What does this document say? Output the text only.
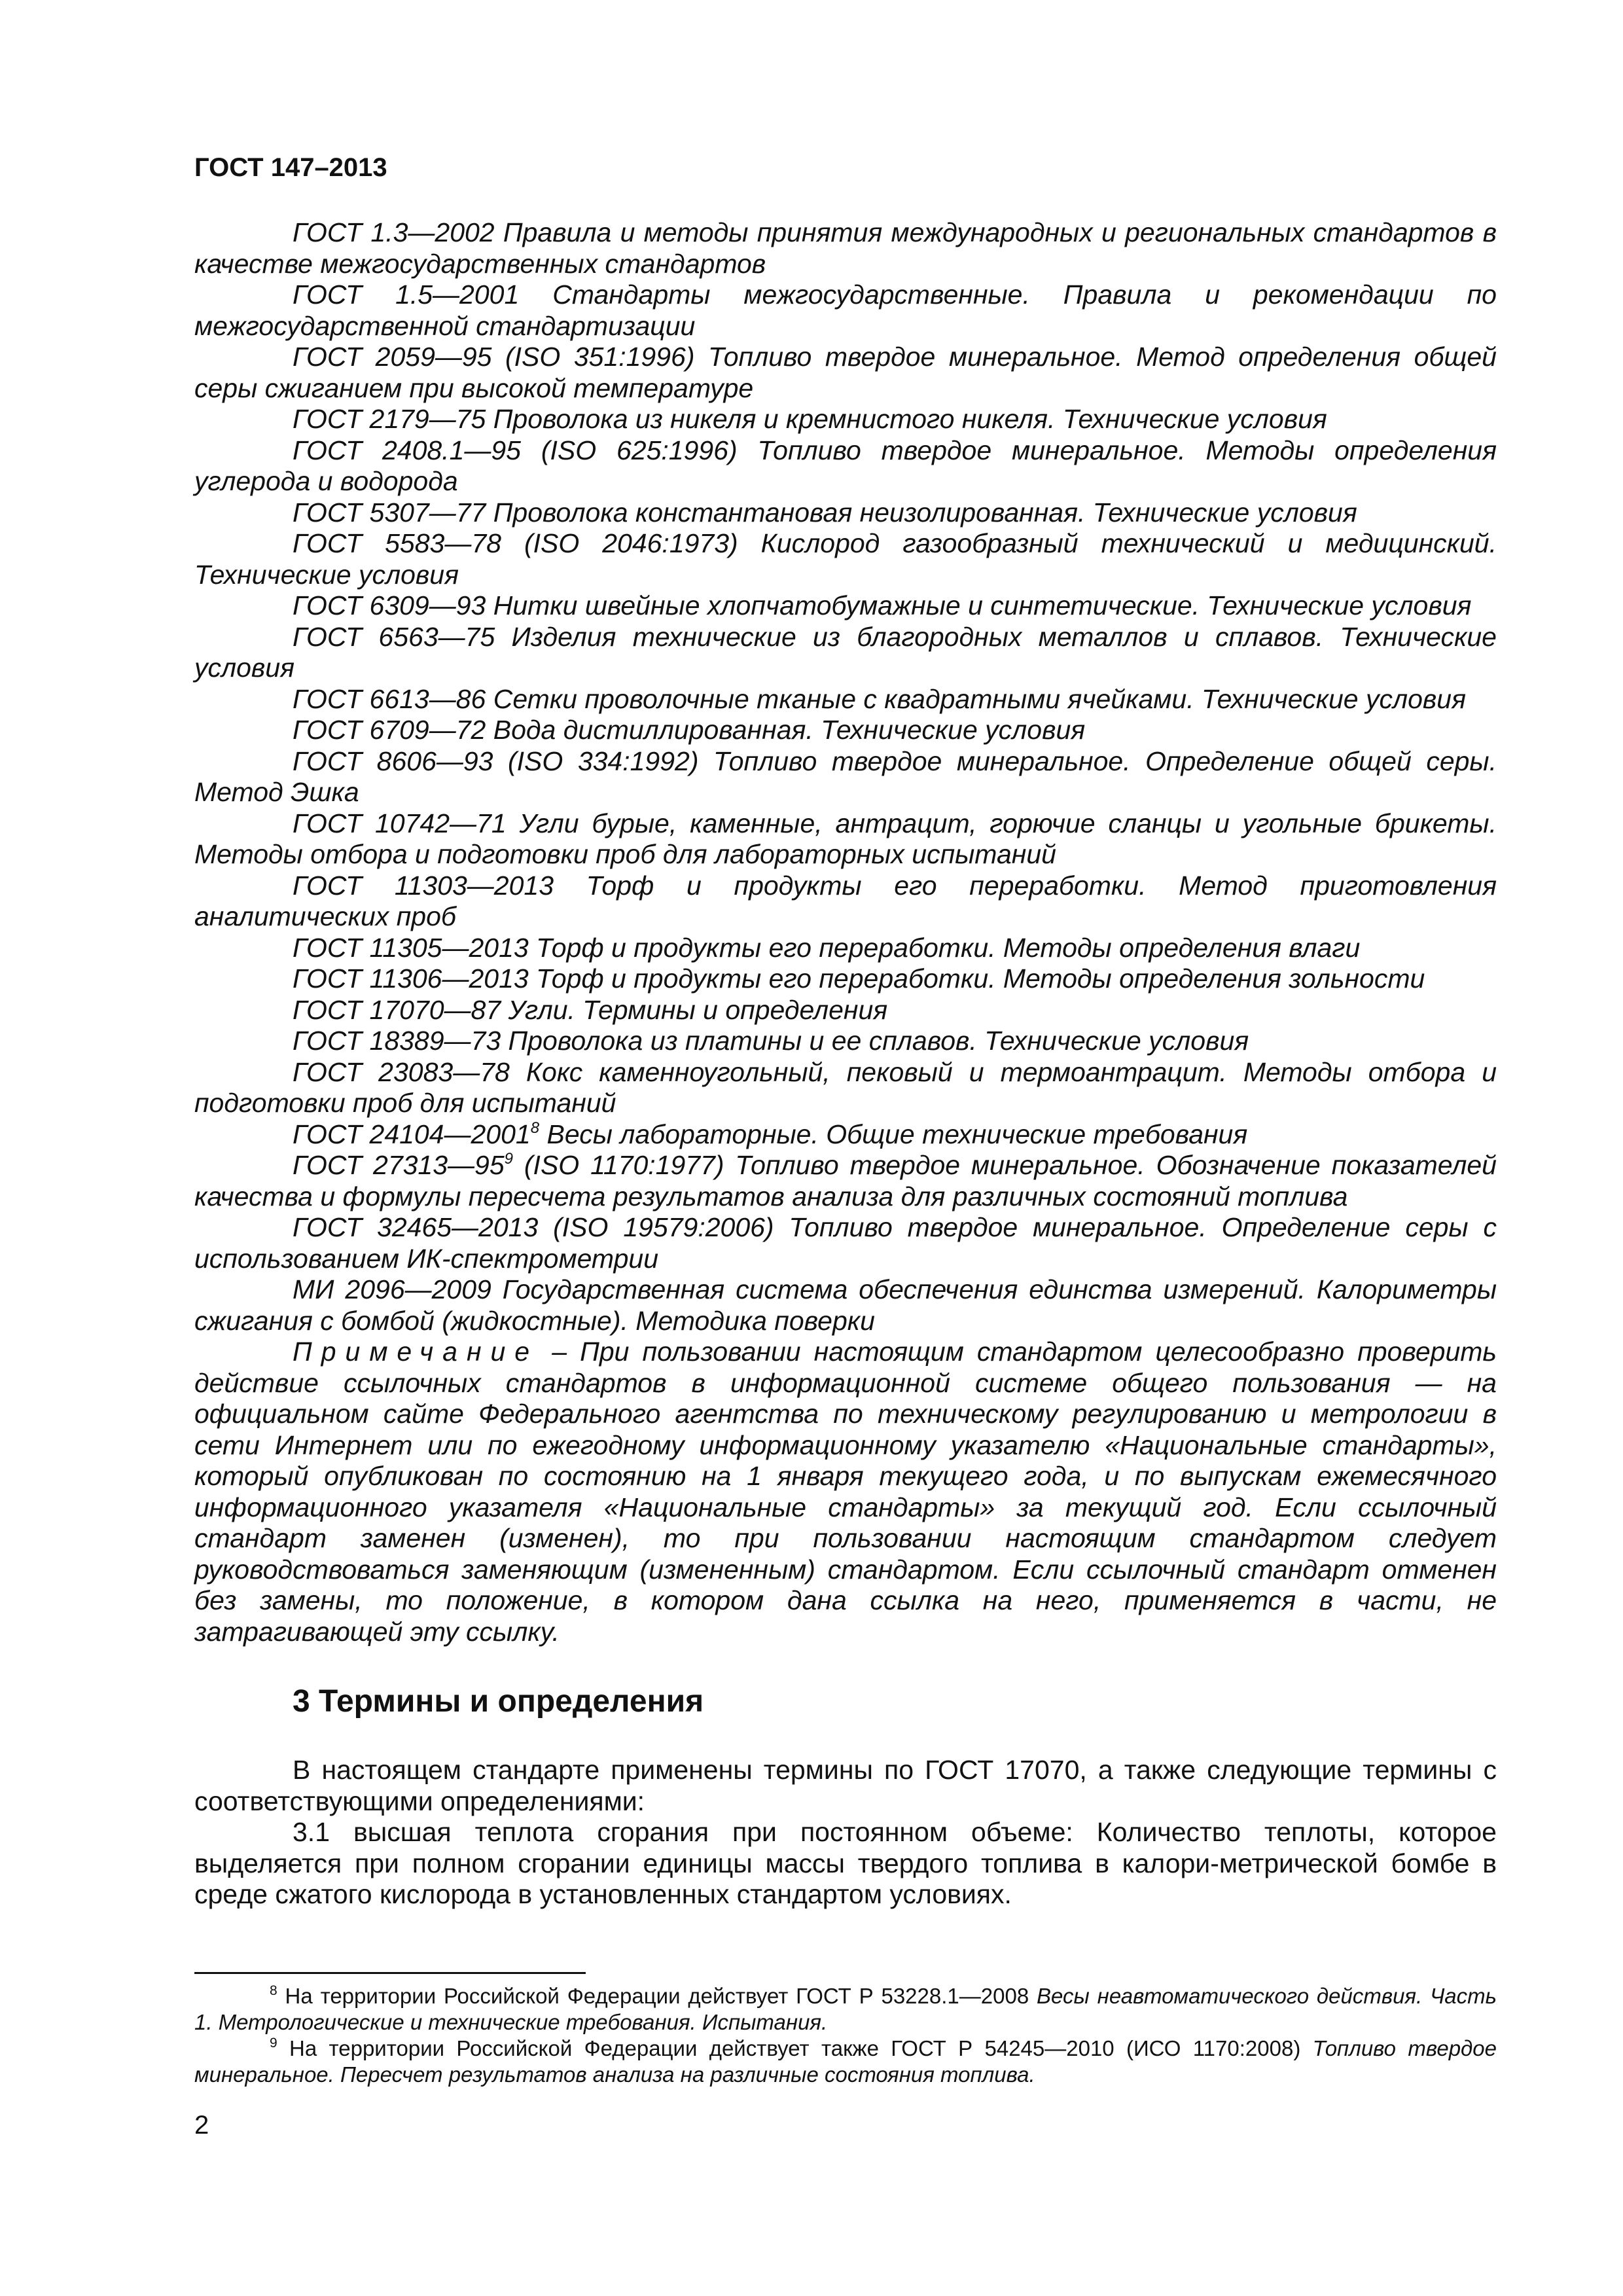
ГОСТ 147–2013

ГОСТ 1.3—2002 Правила и методы принятия международных и региональных стандартов в качестве межгосударственных стандартов

ГОСТ 1.5—2001 Стандарты межгосударственные. Правила и рекомендации по межгосударственной стандартизации

ГОСТ 2059—95 (ISO 351:1996) Топливо твердое минеральное. Метод определения общей серы сжиганием при высокой температуре

ГОСТ 2179—75 Проволока из никеля и кремнистого никеля. Технические условия

ГОСТ 2408.1—95 (ISO 625:1996) Топливо твердое минеральное. Методы определения углерода и водорода

ГОСТ 5307—77 Проволока константановая неизолированная. Технические условия

ГОСТ 5583—78 (ISO 2046:1973) Кислород газообразный технический и медицинский. Технические условия

ГОСТ 6309—93 Нитки швейные хлопчатобумажные и синтетические. Технические условия

ГОСТ 6563—75 Изделия технические из благородных металлов и сплавов. Технические условия

ГОСТ 6613—86 Сетки проволочные тканые с квадратными ячейками. Технические условия

ГОСТ 6709—72 Вода дистиллированная. Технические условия

ГОСТ 8606—93 (ISO 334:1992) Топливо твердое минеральное. Определение общей серы. Метод Эшка

ГОСТ 10742—71 Угли бурые, каменные, антрацит, горючие сланцы и угольные брикеты. Методы отбора и подготовки проб для лабораторных испытаний

ГОСТ 11303—2013 Торф и продукты его переработки. Метод приготовления аналитических проб

ГОСТ 11305—2013 Торф и продукты его переработки. Методы определения влаги

ГОСТ 11306—2013 Торф и продукты его переработки. Методы определения зольности

ГОСТ 17070—87 Угли. Термины и определения

ГОСТ 18389—73 Проволока из платины и ее сплавов. Технические условия

ГОСТ 23083—78 Кокс каменноугольный, пековый и термоантрацит. Методы отбора и подготовки проб для испытаний

ГОСТ 24104—2001$^8$ Весы лабораторные. Общие технические требования

ГОСТ $27313—95^9$ (ISO 1170:1977) Топливо твердое минеральное. Обозначение показателей качества и формулы пересчета результатов анализа для различных состояний топлива

ГОСТ 32465—2013 (ISO 19579:2006) Топливо твердое минеральное. Определение серы с использованием ИК-спектрометрии

МИ 2096—2009 Государственная система обеспечения единства измерений. Калориметры сжигания с бомбой (жидкостные). Методика поверки

Примечание – При пользовании настоящим стандартом целесообразно проверить действие ссылочных стандартов в информационной системе общего пользования — на официальном сайте Федерального агентства по техническому регулированию и метрологии в сети Интернет или по ежегодному информационному указателю «Национальные стандарты», который опубликован по состоянию на 1 января текущего года, и по выпускам ежемесячного информационного указателя «Национальные стандарты» за текущий год. Если ссылочный стандарт заменен (изменен), то при пользовании настоящим стандартом следует руководствоваться заменяющим (измененным) стандартом. Если ссылочный стандарт отменен без замены, то положение, в котором дана ссылка на него, применяется в части, не затрагивающей эту ссылку.

3 Термины и определения

В настоящем стандарте применены термины по ГОСТ 17070, а также следующие термины с соответствующими определениями:

3.1 высшая теплота сгорания при постоянном объеме: Количество теплоты, которое выделяется при полном сгорании единицы массы твердого топлива в калори-метрической бомбе в среде сжатого кислорода в установленных стандартом условиях.

$^8$ На территории Российской Федерации действует ГОСТ Р 53228.1—2008 Весы неавтоматического действия. Часть 1. Метрологические и технические требования. Испытания.

$^9$ На территории Российской Федерации действует также ГОСТ Р 54245—2010 (ИСО 1170:2008) Топливо твердое минеральное. Пересчет результатов анализа на различные состояния топлива.

2
